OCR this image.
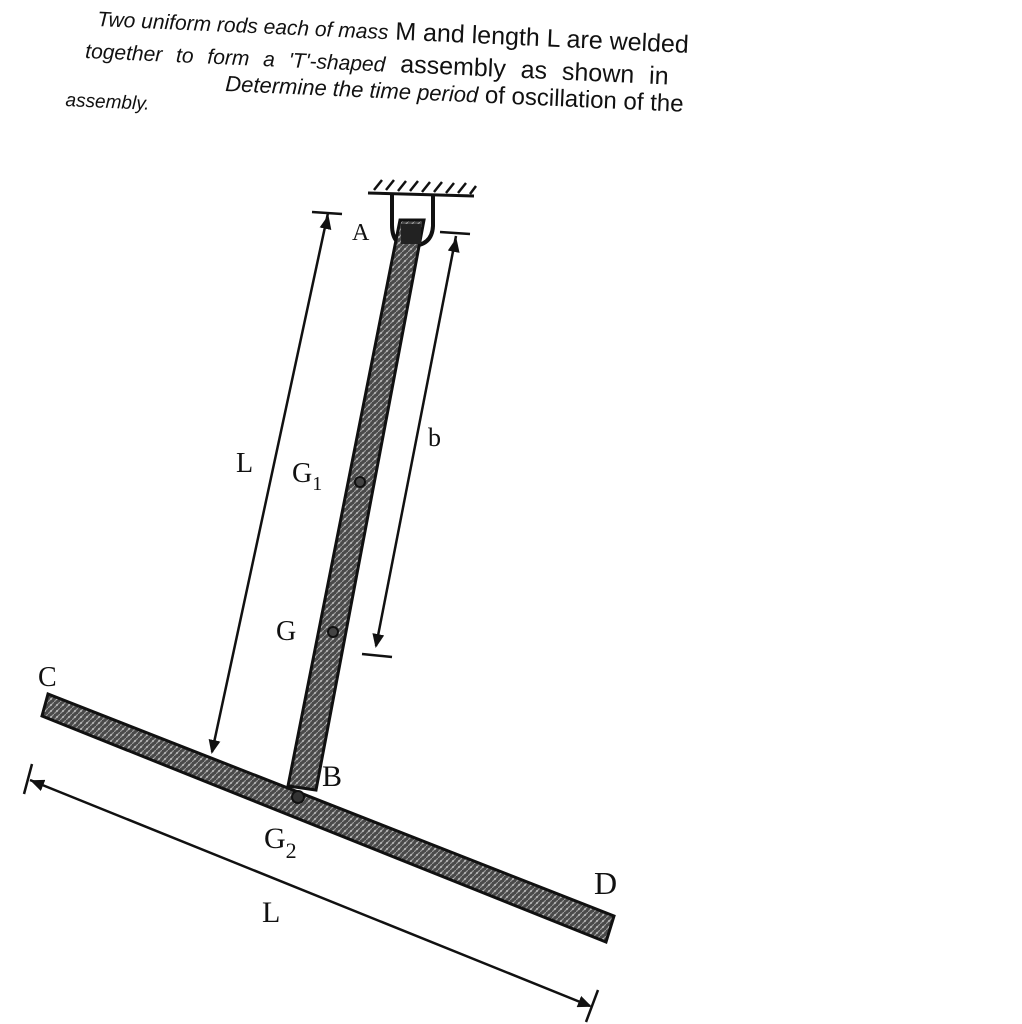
Two uniform rods each of mass M and length L are welded
together to form a 'T'-shaped assembly as shown in
Determine the time period of oscillation of the
assembly.
A
B
C
D
G
$G_1$
$G_2$
L
L
b
